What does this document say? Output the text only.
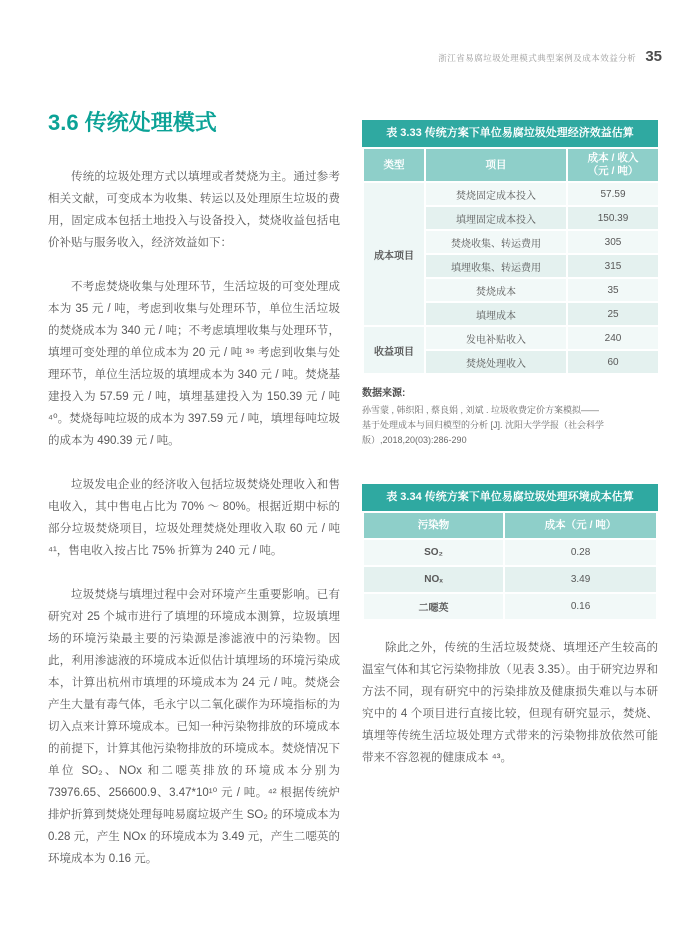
浙江省易腐垃圾处理模式典型案例及成本效益分析 35
3.6 传统处理模式

传统的垃圾处理方式以填埋或者焚烧为主。通过参考相关文献，可变成本为收集、转运以及处理原生垃圾的费用，固定成本包括土地投入与设备投入，焚烧收益包括电价补贴与服务收入，经济效益如下：

不考虑焚烧收集与处理环节，生活垃圾的可变处理成本为 35 元 / 吨，考虑到收集与处理环节，单位生活垃圾的焚烧成本为 340 元 / 吨；不考虑填埋收集与处理环节，填埋可变处理的单位成本为 20 元 / 吨 ³⁹ 考虑到收集与处理环节，单位生活垃圾的填埋成本为 340 元 / 吨。焚烧基建投入为 57.59 元 / 吨，填埋基建投入为 150.39 元 / 吨 ⁴⁰。焚烧每吨垃圾的成本为 397.59 元 / 吨，填埋每吨垃圾的成本为 490.39 元 / 吨。

垃圾发电企业的经济收入包括垃圾焚烧处理收入和售电收入，其中售电占比为 70% ～ 80%。根据近期中标的部分垃圾焚烧项目，垃圾处理焚烧处理收入取 60 元 / 吨 ⁴¹，售电收入按占比 75% 折算为 240 元 / 吨。

垃圾焚烧与填埋过程中会对环境产生重要影响。已有研究对 25 个城市进行了填埋的环境成本测算，垃圾填埋场的环境污染最主要的污染源是渗滤液中的污染物。因此，利用渗滤液的环境成本近似估计填埋场的环境污染成本，计算出杭州市填埋的环境成本为 24 元 / 吨。焚烧会产生大量有毒气体，毛永宁以二氧化碳作为环境指标的为切入点来计算环境成本。已知一种污染物排放的环境成本的前提下，计算其他污染物排放的环境成本。焚烧情况下单位 SO₂、NOx 和二噁英排放的环境成本分别为 73976.65、256600.9、3.47*10¹⁰ 元 / 吨。⁴² 根据传统炉排炉折算到焚烧处理每吨易腐垃圾产生 SO₂ 的环境成本为 0.28 元，产生 NOx 的环境成本为 3.49 元，产生二噁英的环境成本为 0.16 元。

表 3.33 传统方案下单位易腐垃圾处理经济效益估算
类型	项目	成本 / 收入
（元 / 吨）
成本项目	焚烧固定成本投入	57.59
	填埋固定成本投入	150.39
	焚烧收集、转运费用	305
	填埋收集、转运费用	315
	焚烧成本	35
	填埋成本	25
收益项目	发电补贴收入	240
	焚烧处理收入	60
数据来源:
孙雪蒙 , 韩织阳 , 蔡良娟 , 刘斌 . 垃圾收费定价方案模拟——
基于处理成本与回归模型的分析 [J]. 沈阳大学学报（社会科学
版）,2018,20(03):286-290
表 3.34 传统方案下单位易腐垃圾处理环境成本估算
污染物	成本（元 / 吨）
SO₂	0.28
NOₓ	3.49
二噁英	0.16

除此之外，传统的生活垃圾焚烧、填埋还产生较高的温室气体和其它污染物排放（见表 3.35）。由于研究边界和方法不同，现有研究中的污染排放及健康损失难以与本研究中的 4 个项目进行直接比较，但现有研究显示，焚烧、填埋等传统生活垃圾处理方式带来的污染物排放依然可能带来不容忽视的健康成本 ⁴³。
